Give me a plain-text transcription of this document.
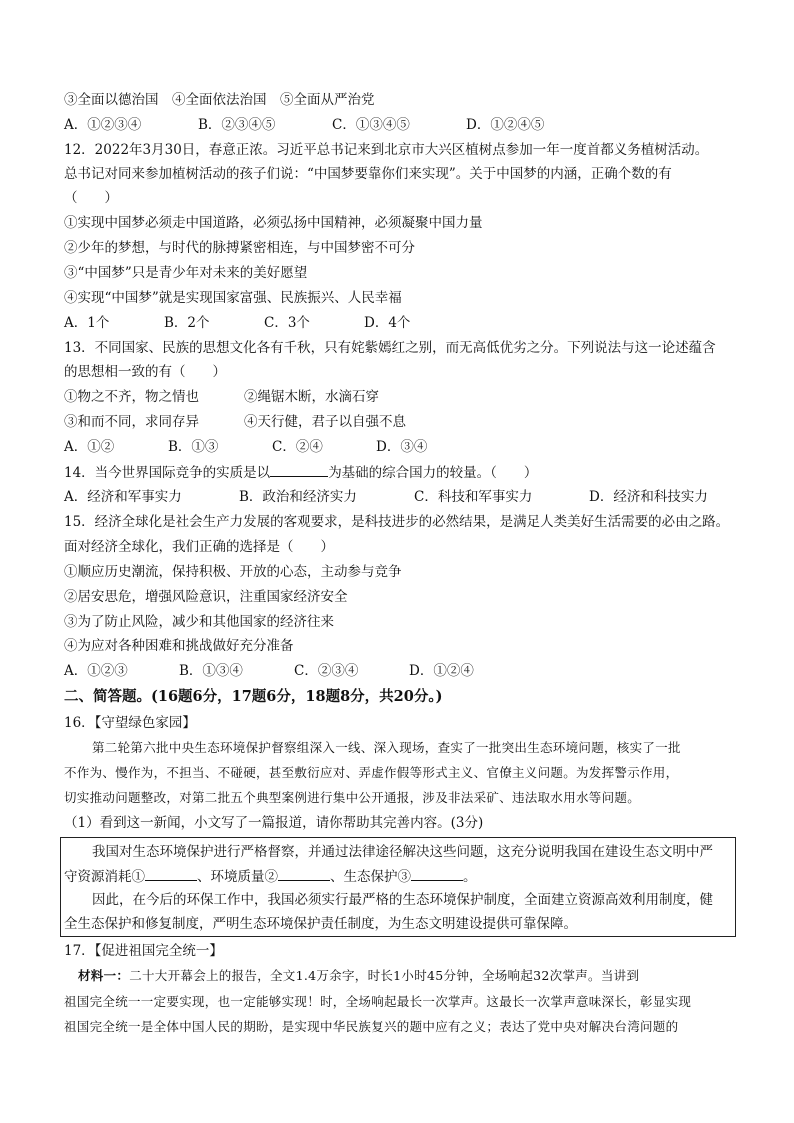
③全面以德治国　④全面依法治国　⑤全面从严治党
A．①②③④	B．②③④⑤	C．①③④⑤	D．①②④⑤
12．2022年3月30日，春意正浓。习近平总书记来到北京市大兴区植树点参加一年一度首都义务植树活动。
总书记对同来参加植树活动的孩子们说：“中国梦要靠你们来实现”。关于中国梦的内涵，正确个数的有
（　　）
①实现中国梦必须走中国道路，必须弘扬中国精神，必须凝聚中国力量
②少年的梦想，与时代的脉搏紧密相连，与中国梦密不可分
③“中国梦”只是青少年对未来的美好愿望
④实现“中国梦”就是实现国家富强、民族振兴、人民幸福
A．1个	B．2个	C．3个	D．4个
13．不同国家、民族的思想文化各有千秋，只有姹紫嫣红之别，而无高低优劣之分。下列说法与这一论述蕴含
的思想相一致的有（　　）
①物之不齐，物之情也	②绳锯木断，水滴石穿
③和而不同，求同存异	④天行健，君子以自强不息
A．①②	B．①③	C．②④	D．③④
14．当今世界国际竞争的实质是以	为基础的综合国力的较量。（　　）
A．经济和军事实力	B．政治和经济实力	C．科技和军事实力	D．经济和科技实力
15．经济全球化是社会生产力发展的客观要求，是科技进步的必然结果，是满足人类美好生活需要的必由之路。
面对经济全球化，我们正确的选择是（　　）
①顺应历史潮流，保持积极、开放的心态，主动参与竞争
②居安思危，增强风险意识，注重国家经济安全
③为了防止风险，减少和其他国家的经济往来
④为应对各种困难和挑战做好充分准备
A．①②③	B．①③④	C．②③④	D．①②④
二、简答题。(16题6分，17题6分，18题8分，共20分。)
16．【守望绿色家园】
第二轮第六批中央生态环境保护督察组深入一线、深入现场，查实了一批突出生态环境问题，核实了一批
不作为、慢作为，不担当、不碰硬，甚至敷衍应对、弄虚作假等形式主义、官僚主义问题。为发挥警示作用，
切实推动问题整改，对第二批五个典型案例进行集中公开通报，涉及非法采矿、违法取水用水等问题。
（1）看到这一新闻，小文写了一篇报道，请你帮助其完善内容。(3分)
我国对生态环境保护进行严格督察，并通过法律途径解决这些问题，这充分说明我国在建设生态文明中严
守资源消耗①	、环境质量②	、生态保护③	。
因此，在今后的环保工作中，我国必须实行最严格的生态环境保护制度，全面建立资源高效利用制度，健
全生态保护和修复制度，严明生态环境保护责任制度，为生态文明建设提供可靠保障。
17．【促进祖国完全统一】
材料一：二十大开幕会上的报告，全文1.4万余字，时长1小时45分钟，全场响起32次掌声。当讲到
祖国完全统一一定要实现，也一定能够实现！时，全场响起最长一次掌声。这最长一次掌声意味深长，彰显实现
祖国完全统一是全体中国人民的期盼，是实现中华民族复兴的题中应有之义；表达了党中央对解决台湾问题的
